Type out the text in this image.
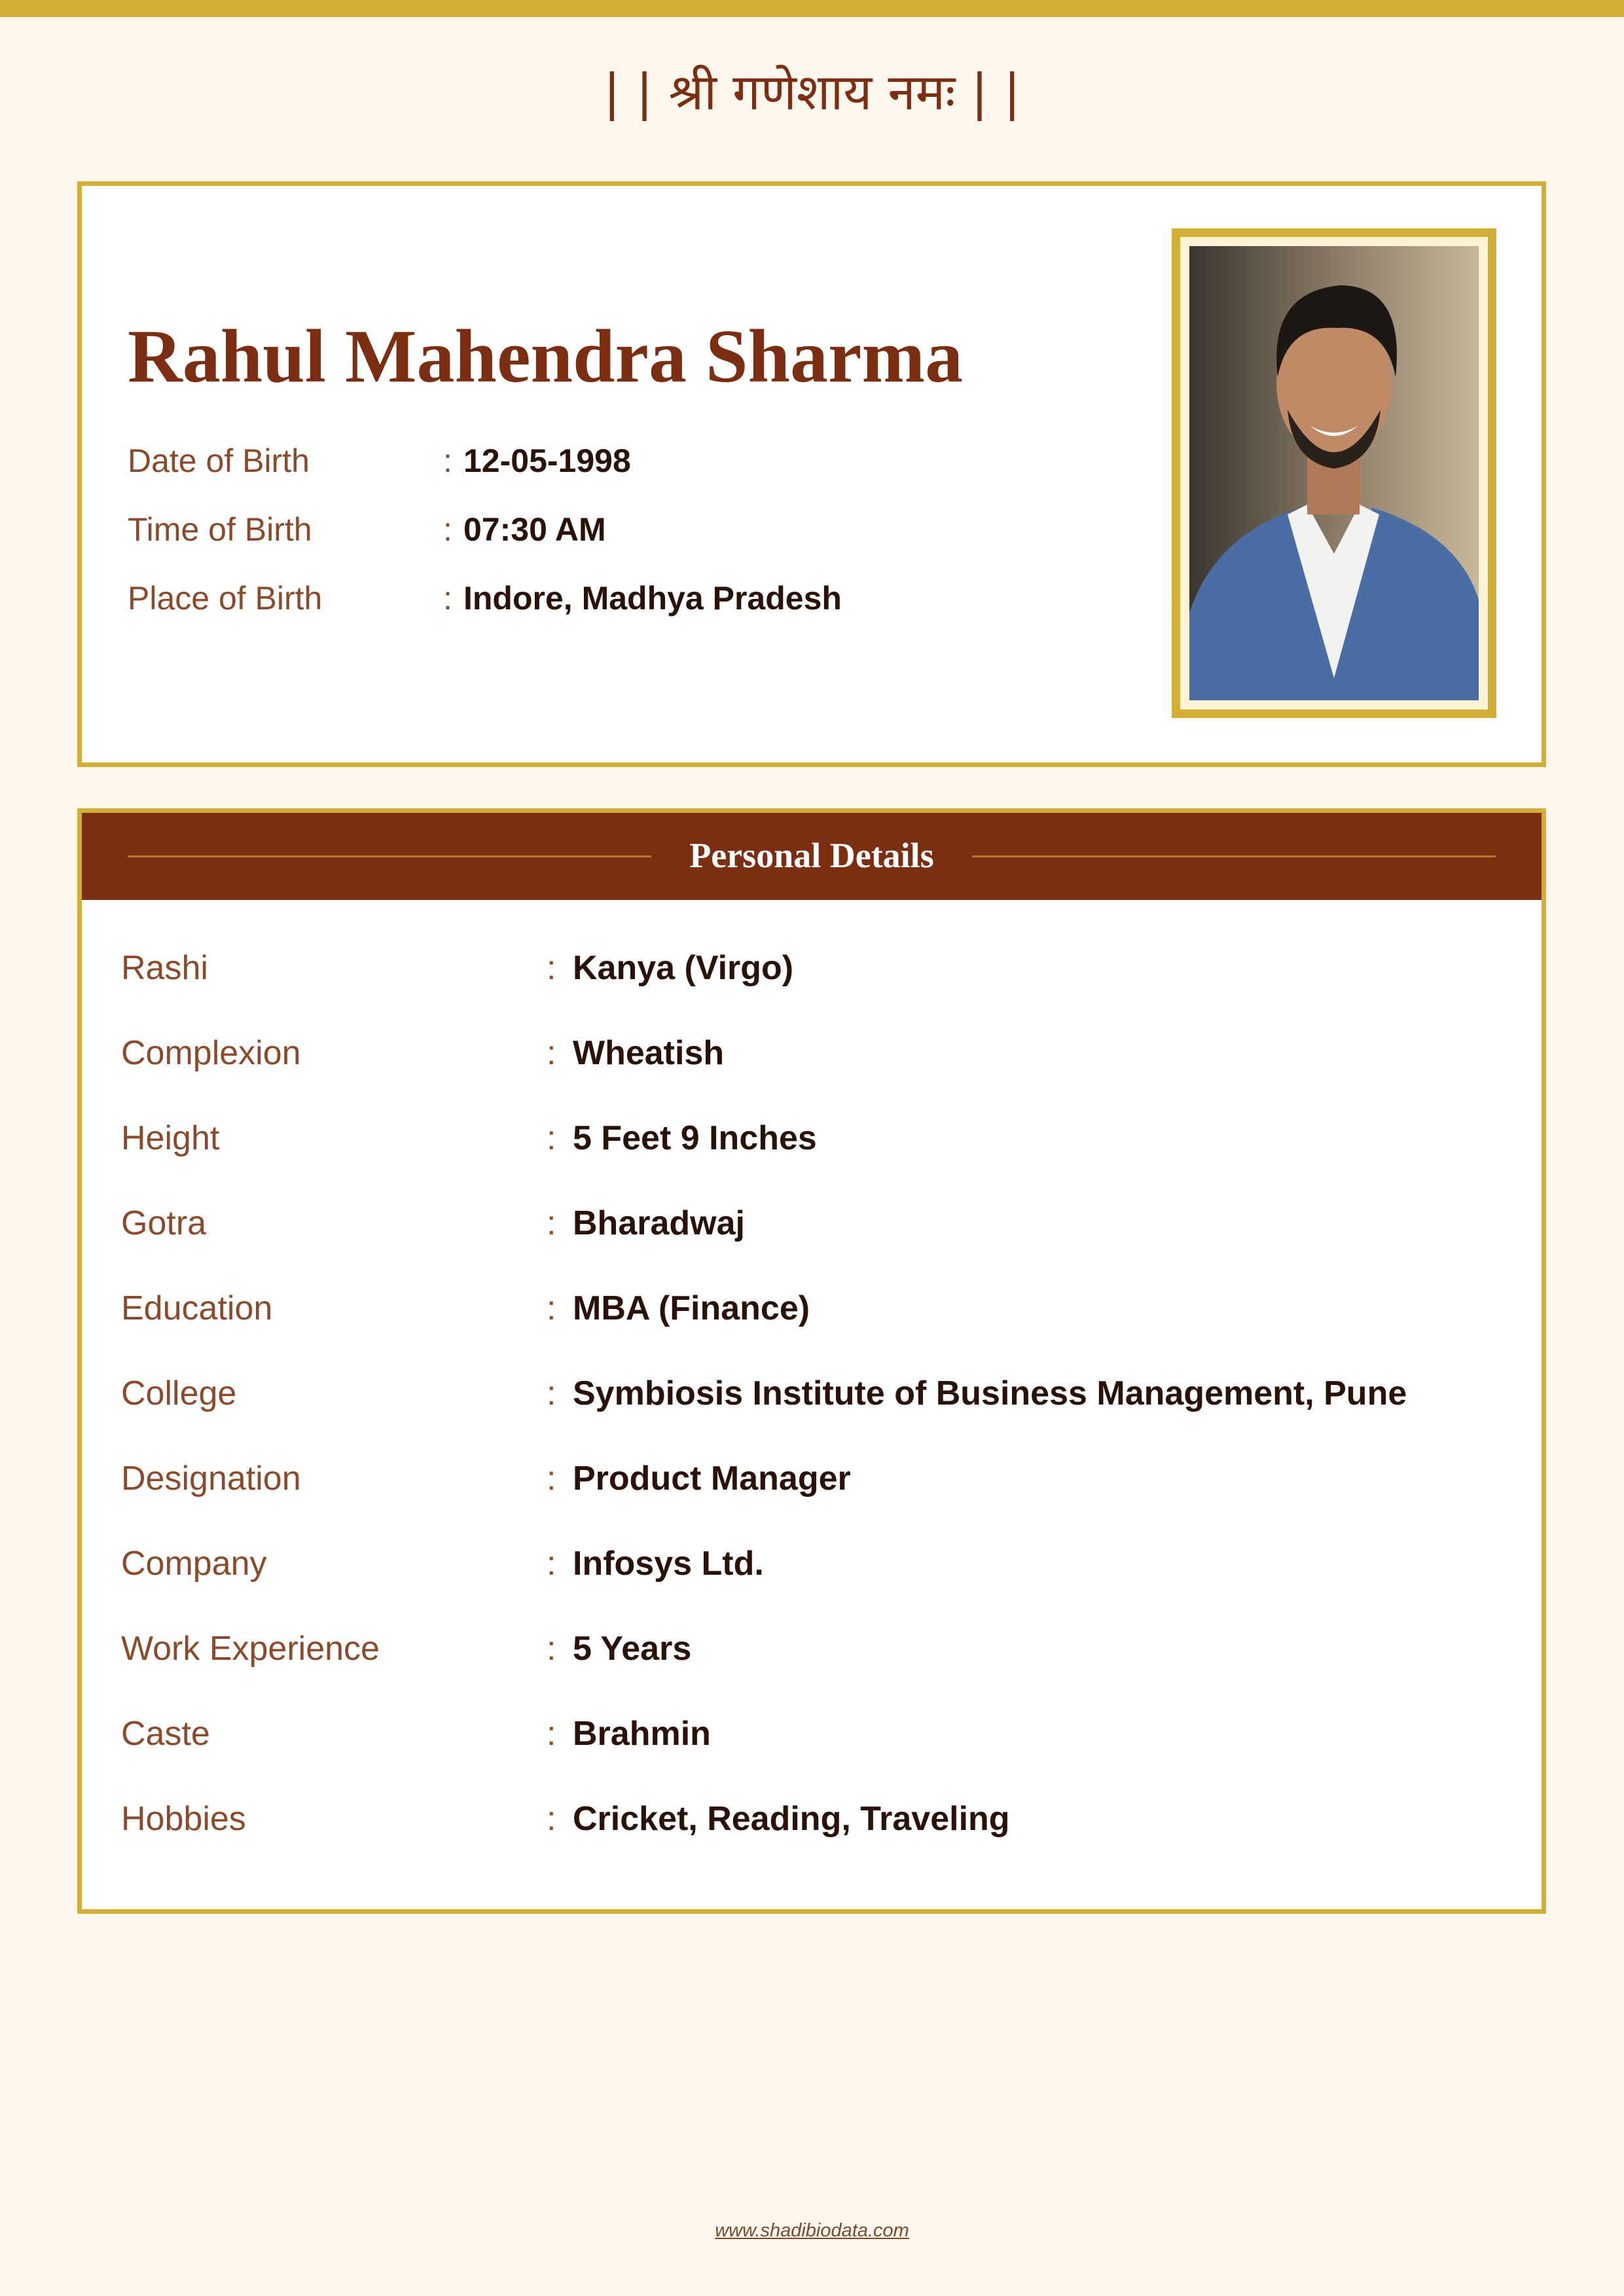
| | श्री गणेशाय नमः | |
Rahul Mahendra Sharma
Date of Birth	: 12-05-1998
Time of Birth	: 07:30 AM
Place of Birth	: Indore, Madhya Pradesh
Personal Details
Rashi	: Kanya (Virgo)
Complexion	: Wheatish
Height	: 5 Feet 9 Inches
Gotra	: Bharadwaj
Education	: MBA (Finance)
College	: Symbiosis Institute of Business Management, Pune
Designation	: Product Manager
Company	: Infosys Ltd.
Work Experience	: 5 Years
Caste	: Brahmin
Hobbies	: Cricket, Reading, Traveling
www.shadibiodata.com
